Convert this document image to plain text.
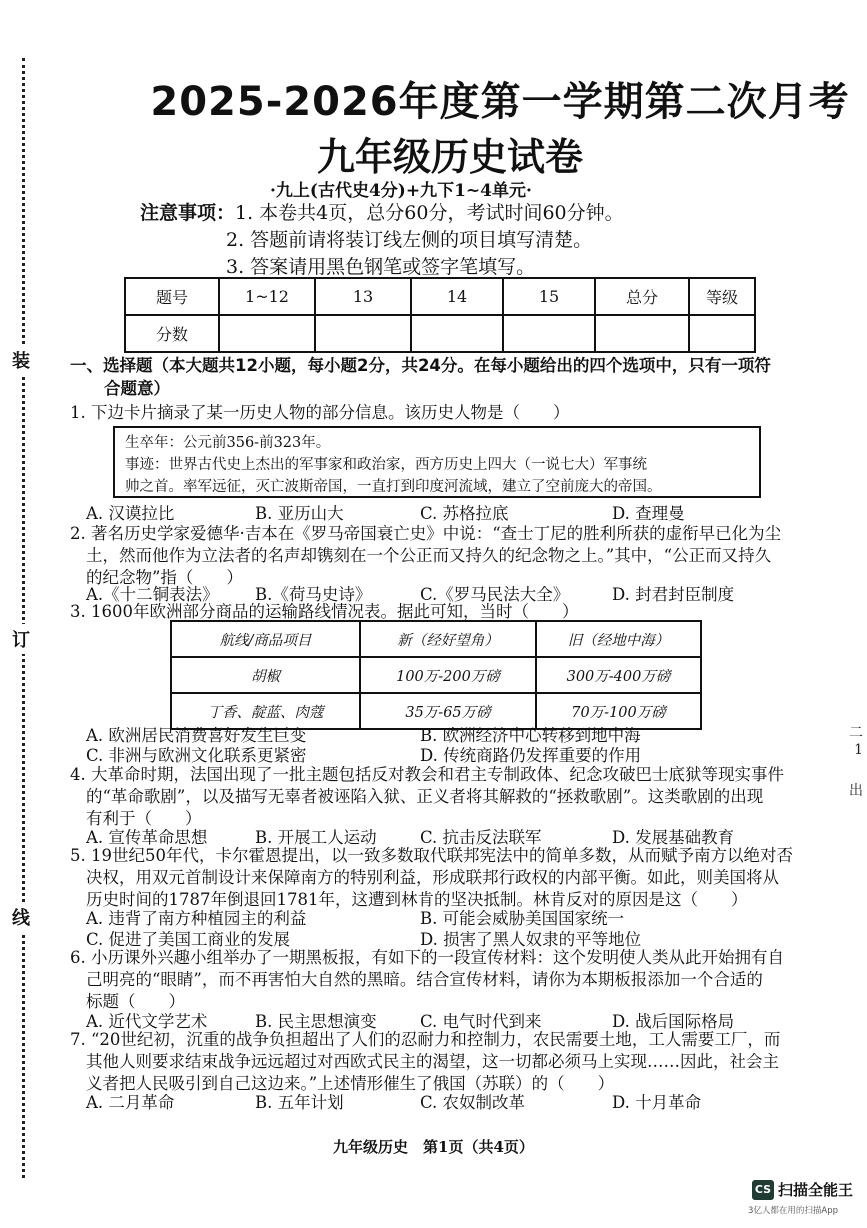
装
订
线
二
1
出
2025-2026年度第一学期第二次月考
九年级历史试卷
·九上(古代史4分)+九下1~4单元·
注意事项：1. 本卷共4页，总分60分，考试时间60分钟。
2. 答题前请将装订线左侧的项目填写清楚。
3. 答案请用黑色钢笔或签字笔填写。
题号	1~12	13	14	15	总分	等级
分数						
一、选择题（本大题共12小题，每小题2分，共24分。在每小题给出的四个选项中，只有一项符
合题意）
1. 下边卡片摘录了某一历史人物的部分信息。该历史人物是（　　）
生卒年：公元前356-前323年。
事迹：世界古代史上杰出的军事家和政治家，西方历史上四大（一说七大）军事统
帅之首。率军远征，灭亡波斯帝国，一直打到印度河流域，建立了空前庞大的帝国。
A. 汉谟拉比	B. 亚历山大	C. 苏格拉底	D. 查理曼
2. 著名历史学家爱德华·吉本在《罗马帝国衰亡史》中说：“查士丁尼的胜利所获的虚衔早已化为尘
土，然而他作为立法者的名声却镌刻在一个公正而又持久的纪念物之上。”其中，“公正而又持久
的纪念物”指（　　）
A.《十二铜表法》 B.《荷马史诗》	C.《罗马民法大全》	D. 封君封臣制度
3. 1600年欧洲部分商品的运输路线情况表。据此可知，当时（　　）
航线/商品项目	新（经好望角）	旧（经地中海）
胡椒	100万-200万磅	300万-400万磅
丁香、靛蓝、肉蔻	35万-65万磅	70万-100万磅
A. 欧洲居民消费喜好发生巨变	B. 欧洲经济中心转移到地中海
C. 非洲与欧洲文化联系更紧密	D. 传统商路仍发挥重要的作用
4. 大革命时期，法国出现了一批主题包括反对教会和君主专制政体、纪念攻破巴士底狱等现实事件
的“革命歌剧”，以及描写无辜者被诬陷入狱、正义者将其解救的“拯救歌剧”。这类歌剧的出现
有利于（　　）
A. 宣传革命思想	B. 开展工人运动	C. 抗击反法联军	D. 发展基础教育
5. 19世纪50年代，卡尔霍恩提出，以一致多数取代联邦宪法中的简单多数，从而赋予南方以绝对否
决权，用双元首制设计来保障南方的特别利益，形成联邦行政权的内部平衡。如此，则美国将从
历史时间的1787年倒退回1781年，这遭到林肯的坚决抵制。林肯反对的原因是这（　　）
A. 违背了南方种植园主的利益	B. 可能会威胁美国国家统一
C. 促进了美国工商业的发展	D. 损害了黑人奴隶的平等地位
6. 小历课外兴趣小组举办了一期黑板报，有如下的一段宣传材料：这个发明使人类从此开始拥有自
己明亮的“眼睛”，而不再害怕大自然的黑暗。结合宣传材料，请你为本期板报添加一个合适的
标题（　　）
A. 近代文学艺术	B. 民主思想演变	C. 电气时代到来	D. 战后国际格局
7. “20世纪初，沉重的战争负担超出了人们的忍耐力和控制力，农民需要土地，工人需要工厂，而
其他人则要求结束战争远远超过对西欧式民主的渴望，这一切都必须马上实现……因此，社会主
义者把人民吸引到自己这边来。”上述情形催生了俄国（苏联）的（　　）
A. 二月革命	B. 五年计划	C. 农奴制改革	D. 十月革命
九年级历史　第1页（共4页）
CS 扫描全能王
3亿人都在用的扫描App
